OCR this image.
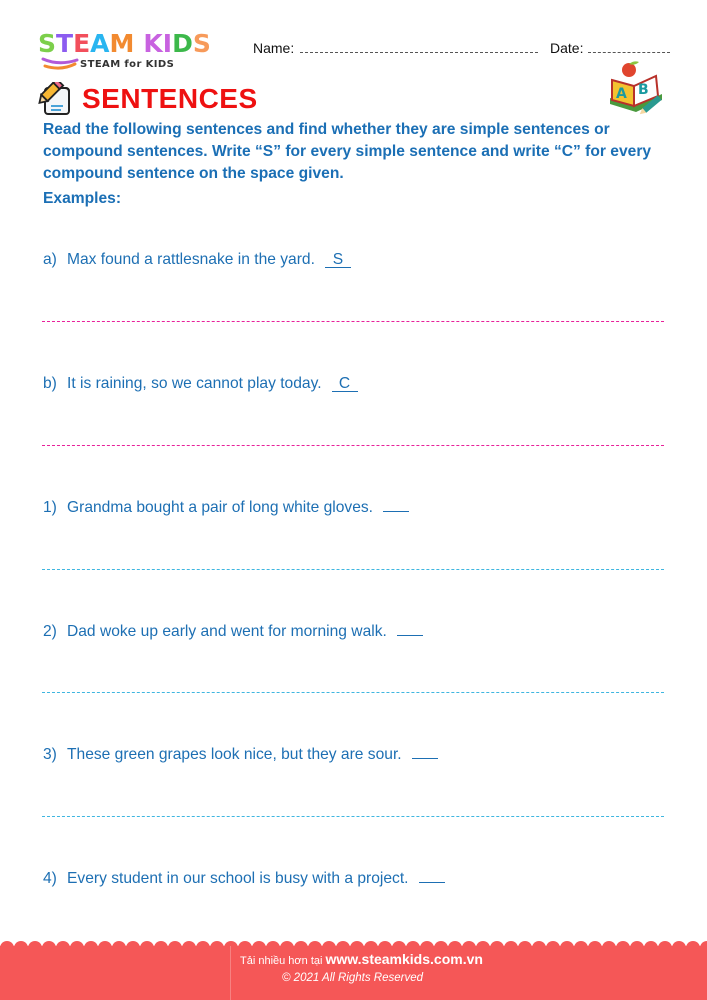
STEAM KIDS
STEAM for KIDS
Name:	Date:
SENTENCES	A B
Read the following sentences and find whether they are simple sentences or compound sentences. Write “S” for every simple sentence and write “C” for every compound sentence on the space given.
Examples:
a) Max found a rattlesnake in the yard. S
b) It is raining, so we cannot play today. C
1) Grandma bought a pair of long white gloves.
2) Dad woke up early and went for morning walk.
3) These green grapes look nice, but they are sour.
4) Every student in our school is busy with a project.
Tải nhiều hơn tại www.steamkids.com.vn
© 2021 All Rights Reserved
